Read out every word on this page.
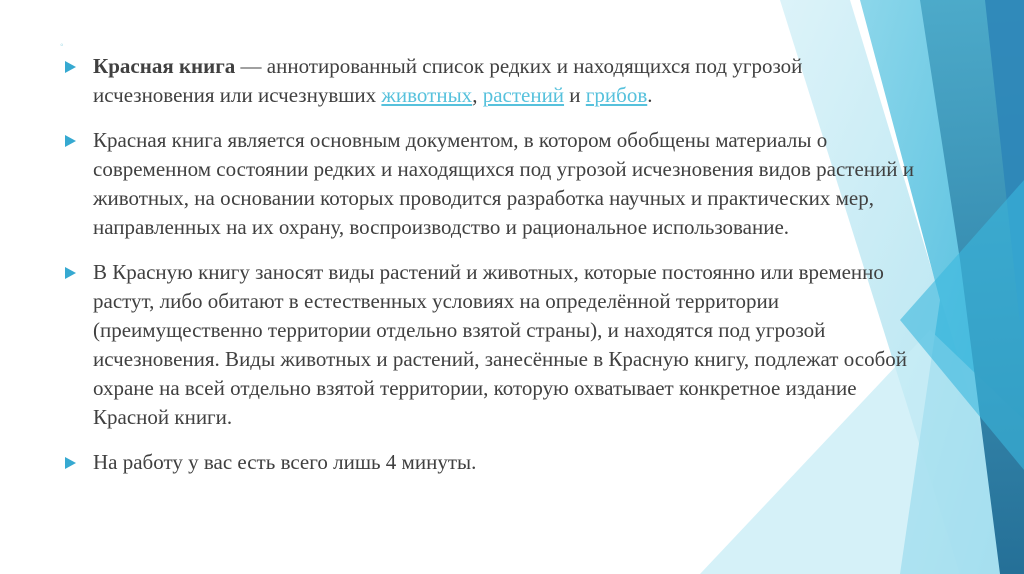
◦
Красная книга — аннотированный список редких и находящихся под угрозой исчезновения или исчезнувших животных, растений и грибов.
Красная книга является основным документом, в котором обобщены материалы о современном состоянии редких и находящихся под угрозой исчезновения видов растений и животных, на основании которых проводится разработка научных и практических мер, направленных на их охрану, воспроизводство и рациональное использование.
В Красную книгу заносят виды растений и животных, которые постоянно или временно растут, либо обитают в естественных условиях на определённой территории (преимущественно территории отдельно взятой страны), и находятся под угрозой исчезновения. Виды животных и растений, занесённые в Красную книгу, подлежат особой охране на всей отдельно взятой территории, которую охватывает конкретное издание Красной книги.
На работу у вас есть всего лишь 4 минуты.
